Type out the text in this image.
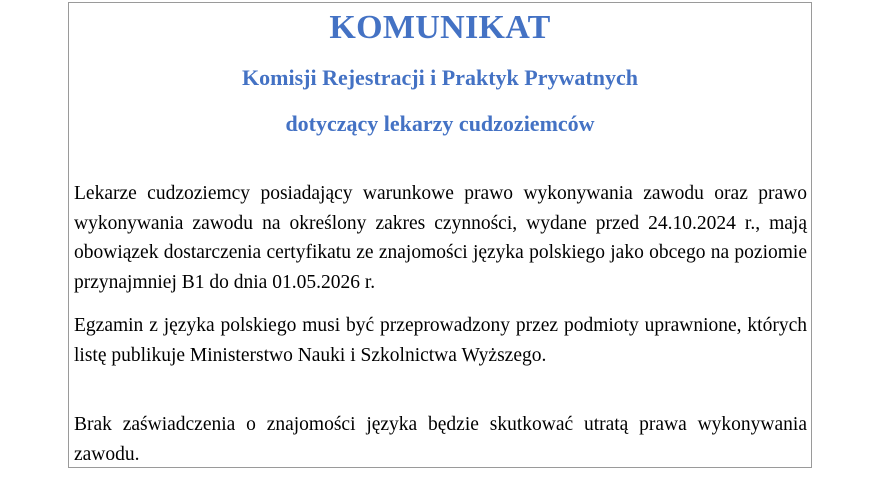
KOMUNIKAT
Komisji Rejestracji i Praktyk Prywatnych
dotyczący lekarzy cudzoziemców

Lekarze cudzoziemcy posiadający warunkowe prawo wykonywania zawodu oraz prawo wykonywania zawodu na określony zakres czynności, wydane przed 24.10.2024 r., mają obowiązek dostarczenia certyfikatu ze znajomości języka polskiego jako obcego na poziomie przynajmniej B1 do dnia 01.05.2026 r.

Egzamin z języka polskiego musi być przeprowadzony przez podmioty uprawnione, których listę publikuje Ministerstwo Nauki i Szkolnictwa Wyższego.

Brak zaświadczenia o znajomości języka będzie skutkować utratą prawa wykonywania zawodu.
